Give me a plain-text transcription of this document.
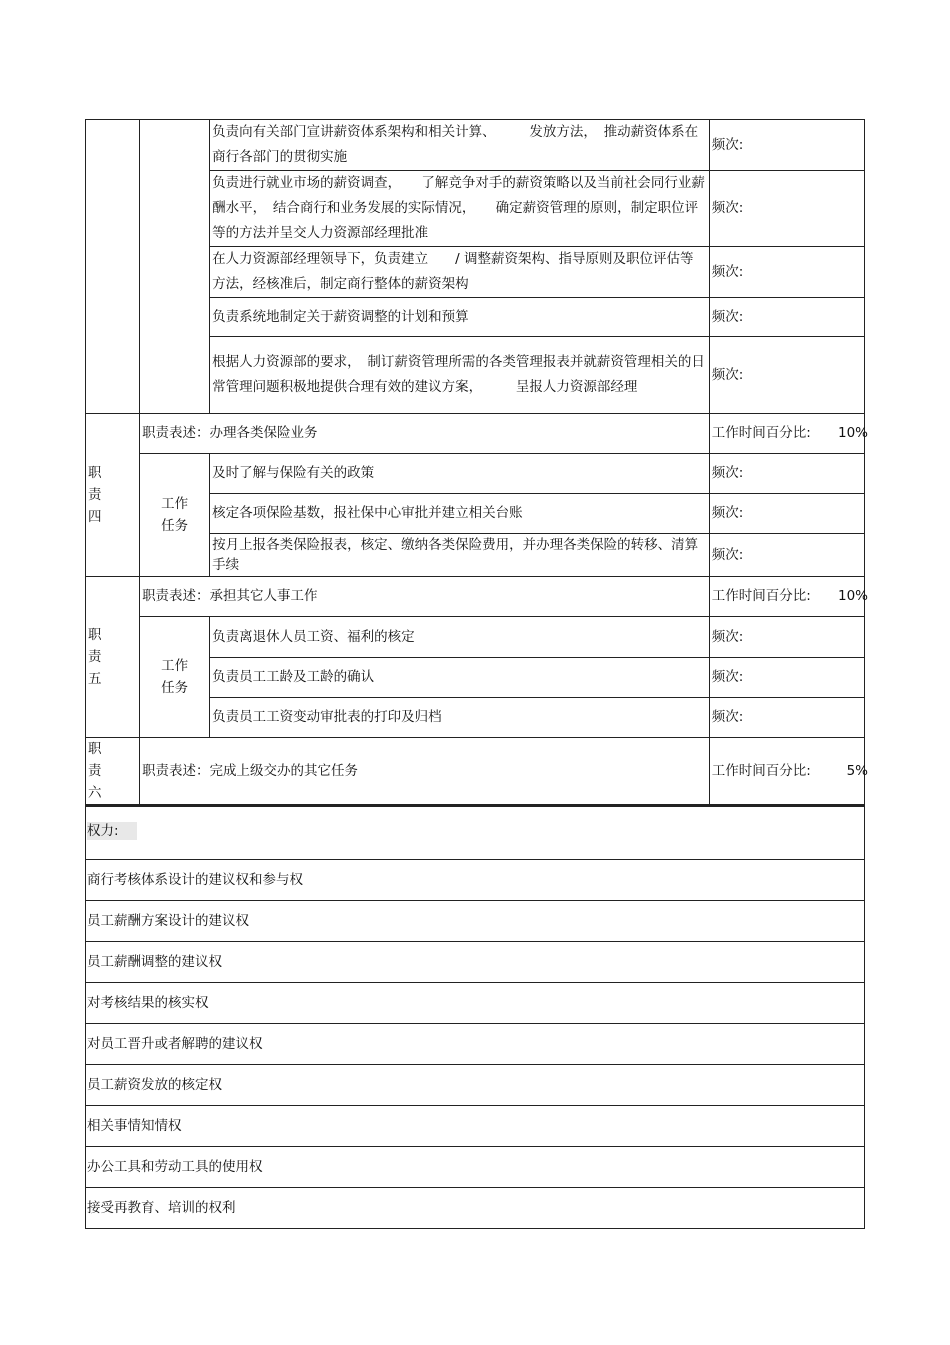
		负责向有关部门宣讲薪资体系架构和相关计算、　　　发放方法，　推动薪资体系在商行各部门的贯彻实施	频次:
		负责进行就业市场的薪资调查，　　了解竞争对手的薪资策略以及当前社会同行业薪酬水平，　结合商行和业务发展的实际情况，　　确定薪资管理的原则，制定职位评等的方法并呈交人力资源部经理批准	频次:
		在人力资源部经理领导下，负责建立　　/ 调整薪资架构、指导原则及职位评估等方法，经核准后，制定商行整体的薪资架构	频次:
		负责系统地制定关于薪资调整的计划和预算	频次:
		根据人力资源部的要求，　制订薪资管理所需的各类管理报表并就薪资管理相关的日常管理问题积极地提供合理有效的建议方案，　　　呈报人力资源部经理	频次:
职
责
四	职责表述：办理各类保险业务		工作时间百分比: 10%

	工作
任务	及时了解与保险有关的政策	频次:
		核定各项保险基数，报社保中心审批并建立相关台账	频次:
		按月上报各类保险报表，核定、缴纳各类保险费用，并办理各类保险的转移、清算手续	频次:
职
责
五	职责表述：承担其它人事工作		工作时间百分比: 10%

	工作
任务	负责离退休人员工资、福利的核定	频次:
		负责员工工龄及工龄的确认	频次:
		负责员工工资变动审批表的打印及归档	频次:
职
责
六	职责表述：完成上级交办的其它任务		工作时间百分比: 5%
权力:
商行考核体系设计的建议权和参与权
员工薪酬方案设计的建议权
员工薪酬调整的建议权
对考核结果的核实权
对员工晋升或者解聘的建议权
员工薪资发放的核定权
相关事情知情权
办公工具和劳动工具的使用权
接受再教育、培训的权利
